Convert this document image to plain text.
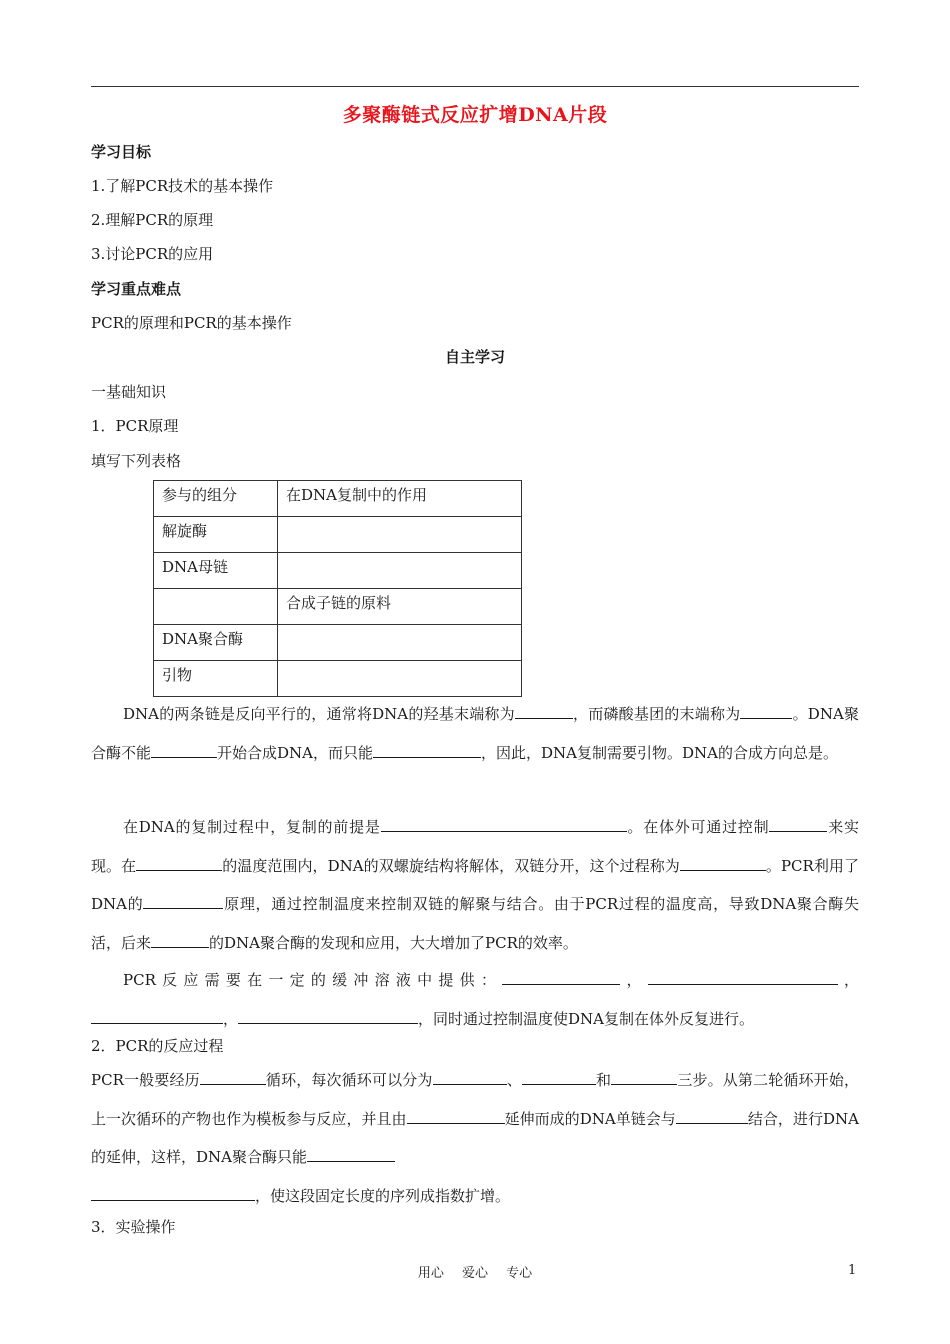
多聚酶链式反应扩增DNA片段
学习目标
1.了解PCR技术的基本操作
2.理解PCR的原理
3.讨论PCR的应用
学习重点难点
PCR的原理和PCR的基本操作
自主学习
一基础知识
1．PCR原理
填写下列表格
参与的组分	在DNA复制中的作用
解旋酶	
DNA母链	
	合成子链的原料
DNA聚合酶	
引物	
DNA的两条链是反向平行的，通常将DNA的羟基末端称为	，而磷酸基团的末端称为	。DNA聚合酶不能	开始合成DNA，而只能	，因此，DNA复制需要引物。DNA的合成方向总是。
在DNA的复制过程中，复制的前提是	。在体外可通过控制	来实现。在	的温度范围内，DNA的双螺旋结构将解体，双链分开，这个过程称为	。PCR利用了DNA的	原理，通过控制温度来控制双链的解聚与结合。由于PCR过程的温度高，导致DNA聚合酶失活，后来	的DNA聚合酶的发现和应用，大大增加了PCR的效率。
PCR反应需要在一定的缓冲溶液中提供：	，	，，	，同时通过控制温度使DNA复制在体外反复进行。
2．PCR的反应过程
PCR一般要经历	循环，每次循环可以分为	、	和	三步。从第二轮循环开始，上一次循环的产物也作为模板参与反应，并且由	延伸而成的DNA单链会与	结合，进行DNA的延伸，这样，DNA聚合酶只能
，使这段固定长度的序列成指数扩增。
3．实验操作
用心 爱心 专心	1
